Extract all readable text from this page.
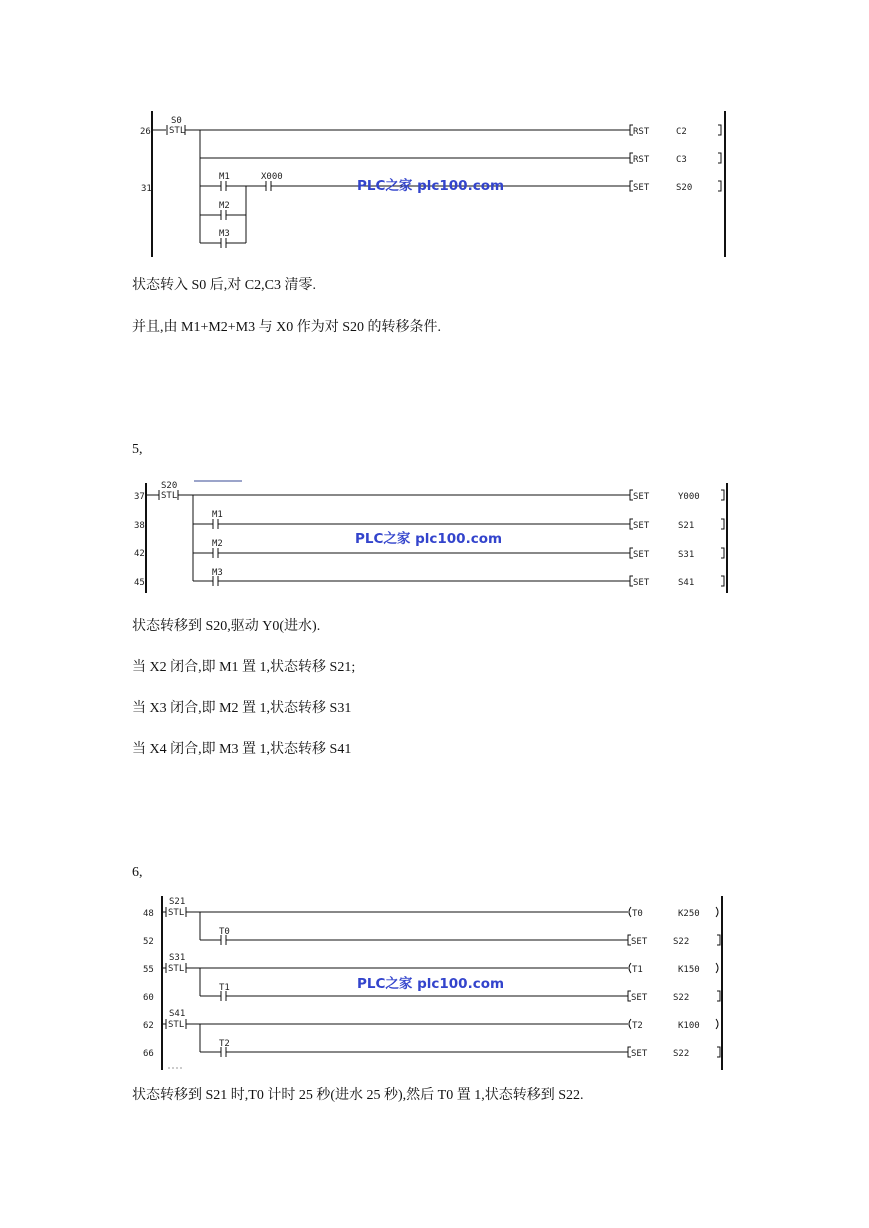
26
31
S0
STL
M1	X000
M2
M3
RST	C2
RST	C3
SET	S20
PLC之家 plc100.com
状态转入 S0 后,对 C2,C3 清零.
并且,由 M1+M2+M3 与 X0 作为对 S20 的转移条件.
5,
37
38
42
45
S20
STL
M1
M2
M3
SET	Y000
SET	S21
SET	S31
SET	S41
PLC之家 plc100.com
状态转移到 S20,驱动 Y0(进水).
当 X2 闭合,即 M1 置 1,状态转移 S21;
当 X3 闭合,即 M2 置 1,状态转移 S31
当 X4 闭合,即 M3 置 1,状态转移 S41
6,
48
S21
STL
52
T0
T0	K250
SET	S22
55
S31
STL
60
T1
T1	K150
SET	S22
62
S41
STL
66
T2
T2	K100
SET	S22
PLC之家 plc100.com
状态转移到 S21 时,T0 计时 25 秒(进水 25 秒),然后 T0 置 1,状态转移到 S22.
